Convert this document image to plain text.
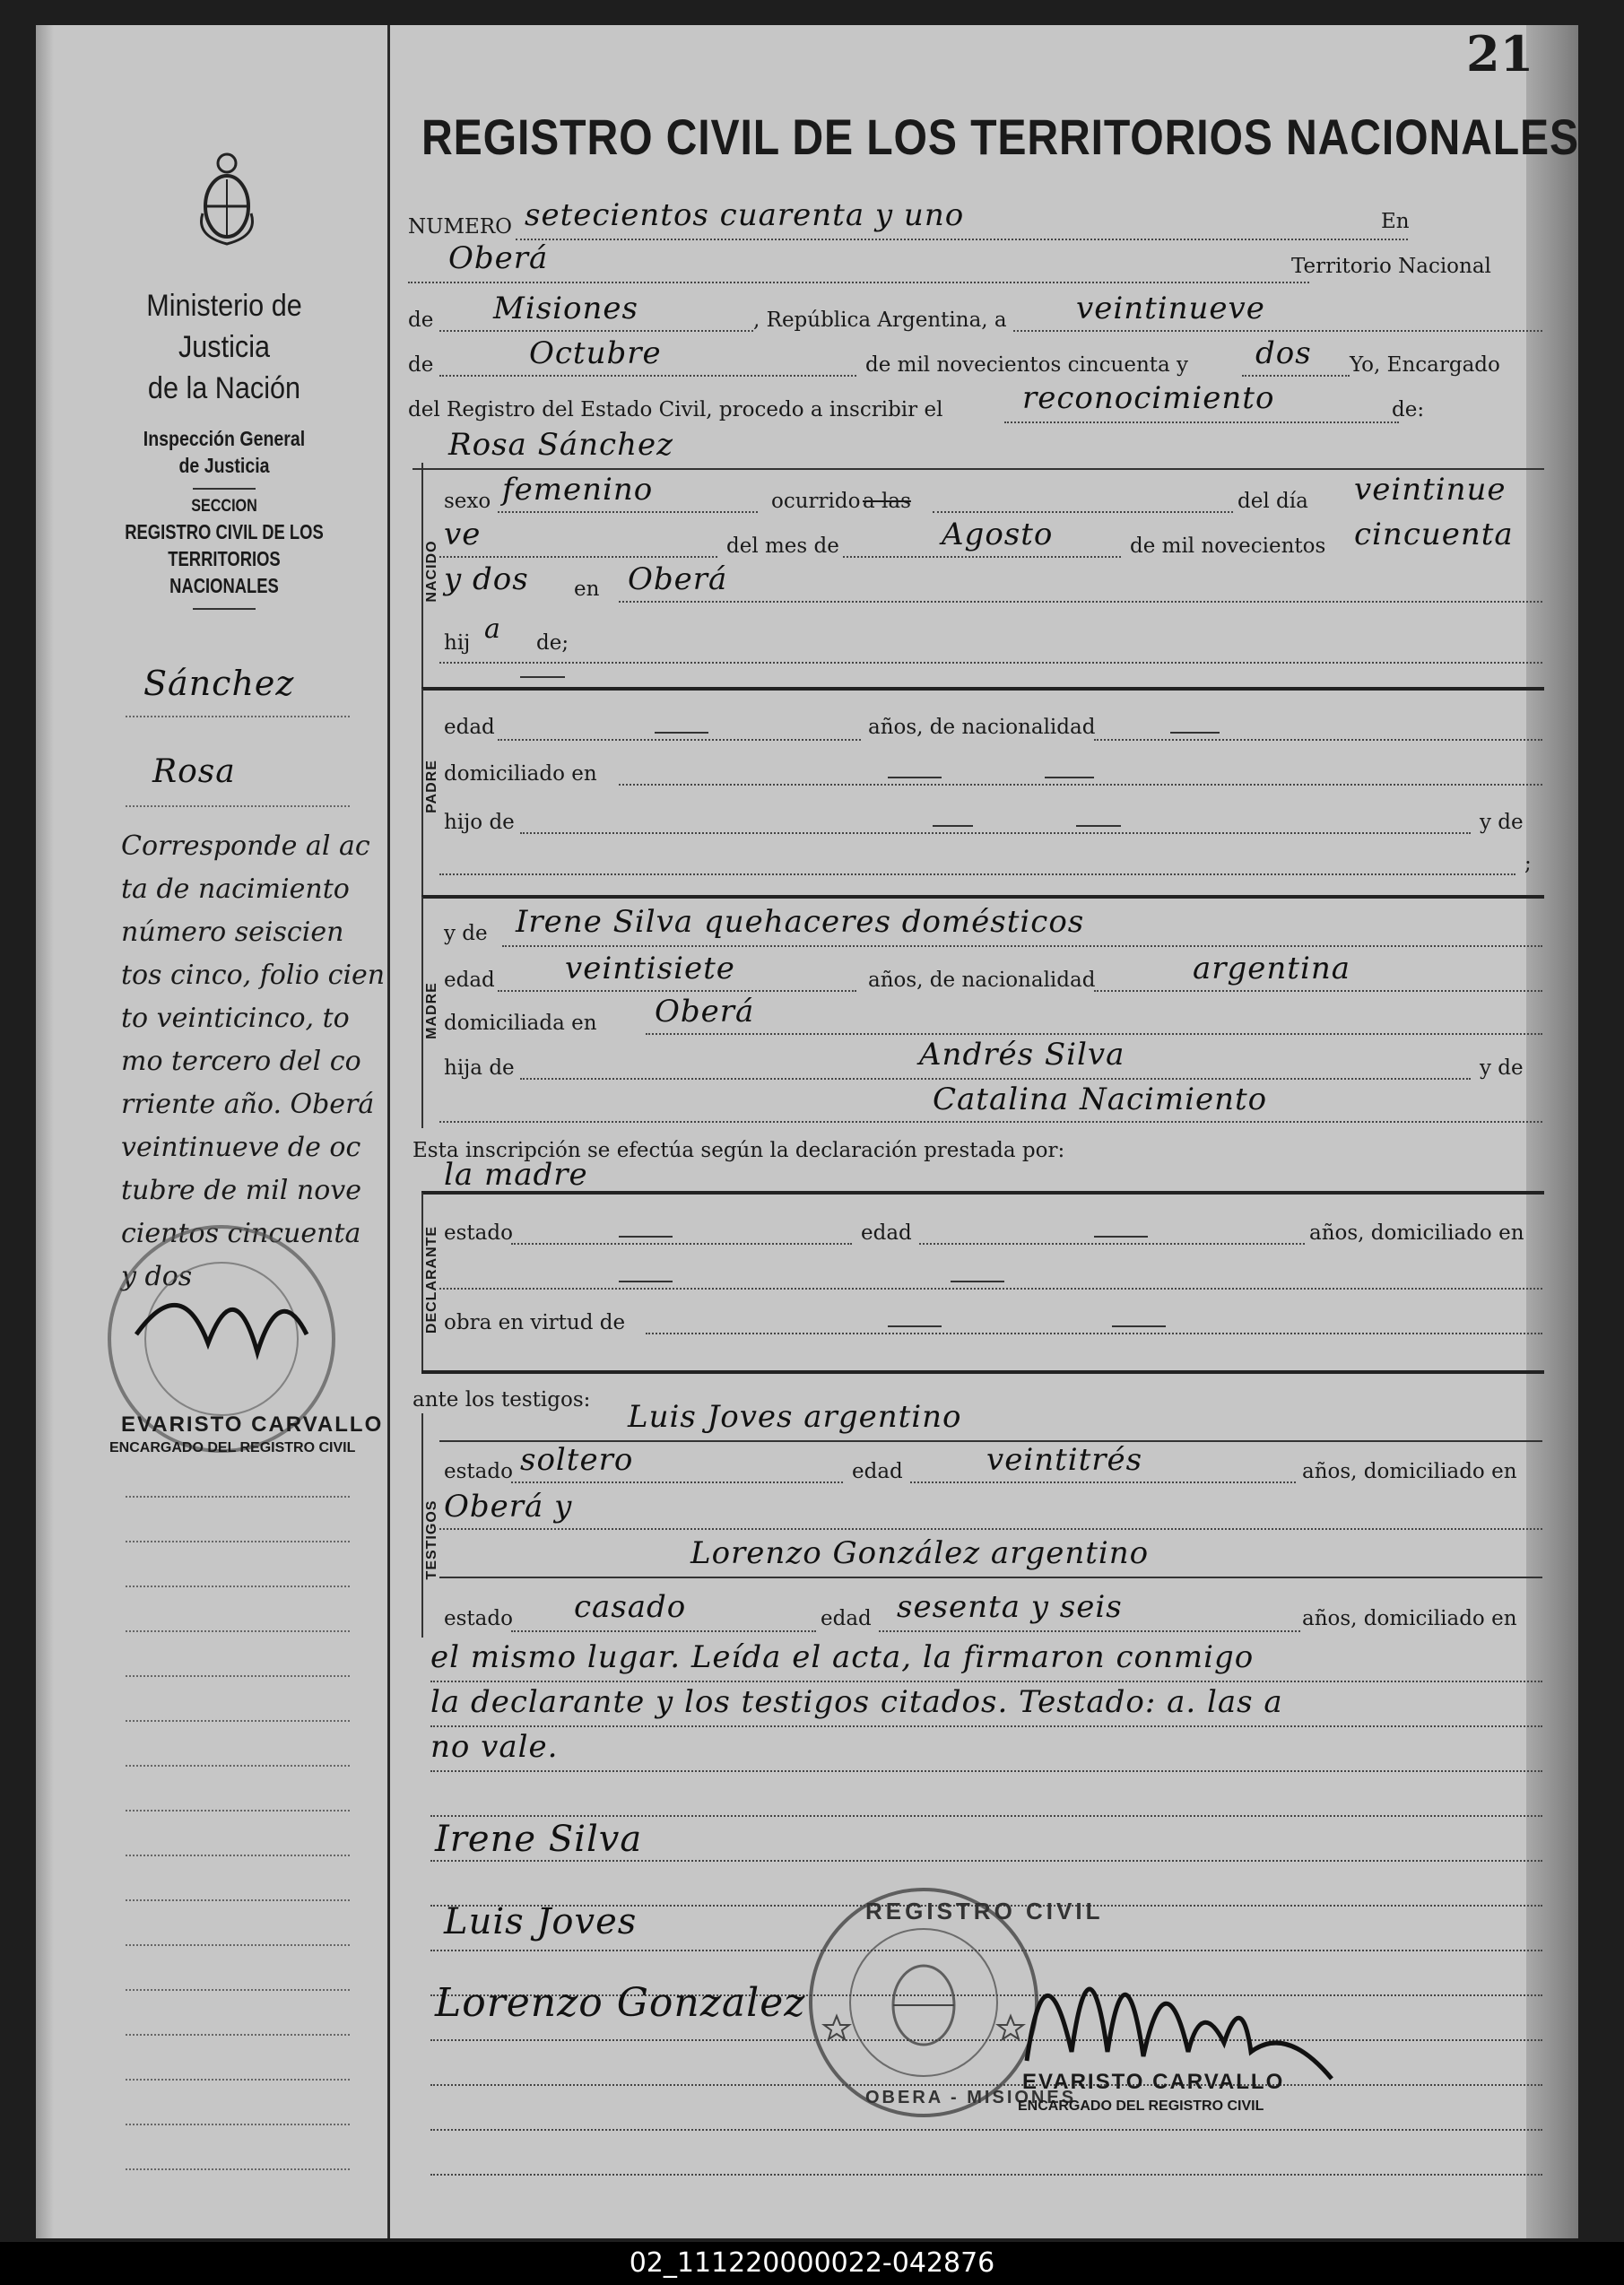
21
Ministerio de Justicia
de la Nación
Inspección General
de Justicia
SECCION
REGISTRO CIVIL DE LOS
TERRITORIOS NACIONALES
Sánchez
Rosa
Corresponde al ac
ta de nacimiento
número seiscien
tos cinco, folio cien
to veinticinco, to
mo tercero del co
rriente año. Oberá
veintinueve de oc
tubre de mil nove
cientos cincuenta
y dos
EVARISTO CARVALLO
ENCARGADO DEL REGISTRO CIVIL
REGISTRO CIVIL DE LOS TERRITORIOS NACIONALES
NUMERO setecientos cuarenta y uno	En
Oberá	Territorio Nacional
de Misiones	, República Argentina, a veintinueve
de	Octubre	de mil novecientos cincuenta y dos Yo, Encargado
del Registro del Estado Civil, procedo a inscribir el	reconocimiento	de:
Rosa Sánchez
NACIDO
sexo femenino	ocurrido a las	del día veintinue
ve	del mes de	Agosto	de mil novecientos cincuenta
y dos en Oberá
hij a de;
PADRE
edad	años, de nacionalidad
domiciliado en
hijo de	y de
;
MADRE
y de Irene Silva quehaceres domésticos
edad veintisiete	años, de nacionalidad	argentina
domiciliada en Oberá
hija de	Andrés Silva	y de
Catalina Nacimiento
Esta inscripción se efectúa según la declaración prestada por:
la madre
DECLARANTE estado	edad	años, domiciliado en
obra en virtud de
ante los testigos:
TESTIGOS
Luis Joves argentino
estado soltero	edad	veintitrés	años, domiciliado en
Oberá y
Lorenzo González argentino
estado casado	edad sesenta y seis	años, domiciliado en
el mismo lugar. Leída el acta, la firmaron conmigo
la declarante y los testigos citados. Testado: a. las a
no vale.
Irene Silva
Luis Joves
Lorenzo Gonzalez
REGISTRO CIVIL
OBERA - MISIONES
EVARISTO CARVALLO
ENCARGADO DEL REGISTRO CIVIL
02_111220000022-042876
